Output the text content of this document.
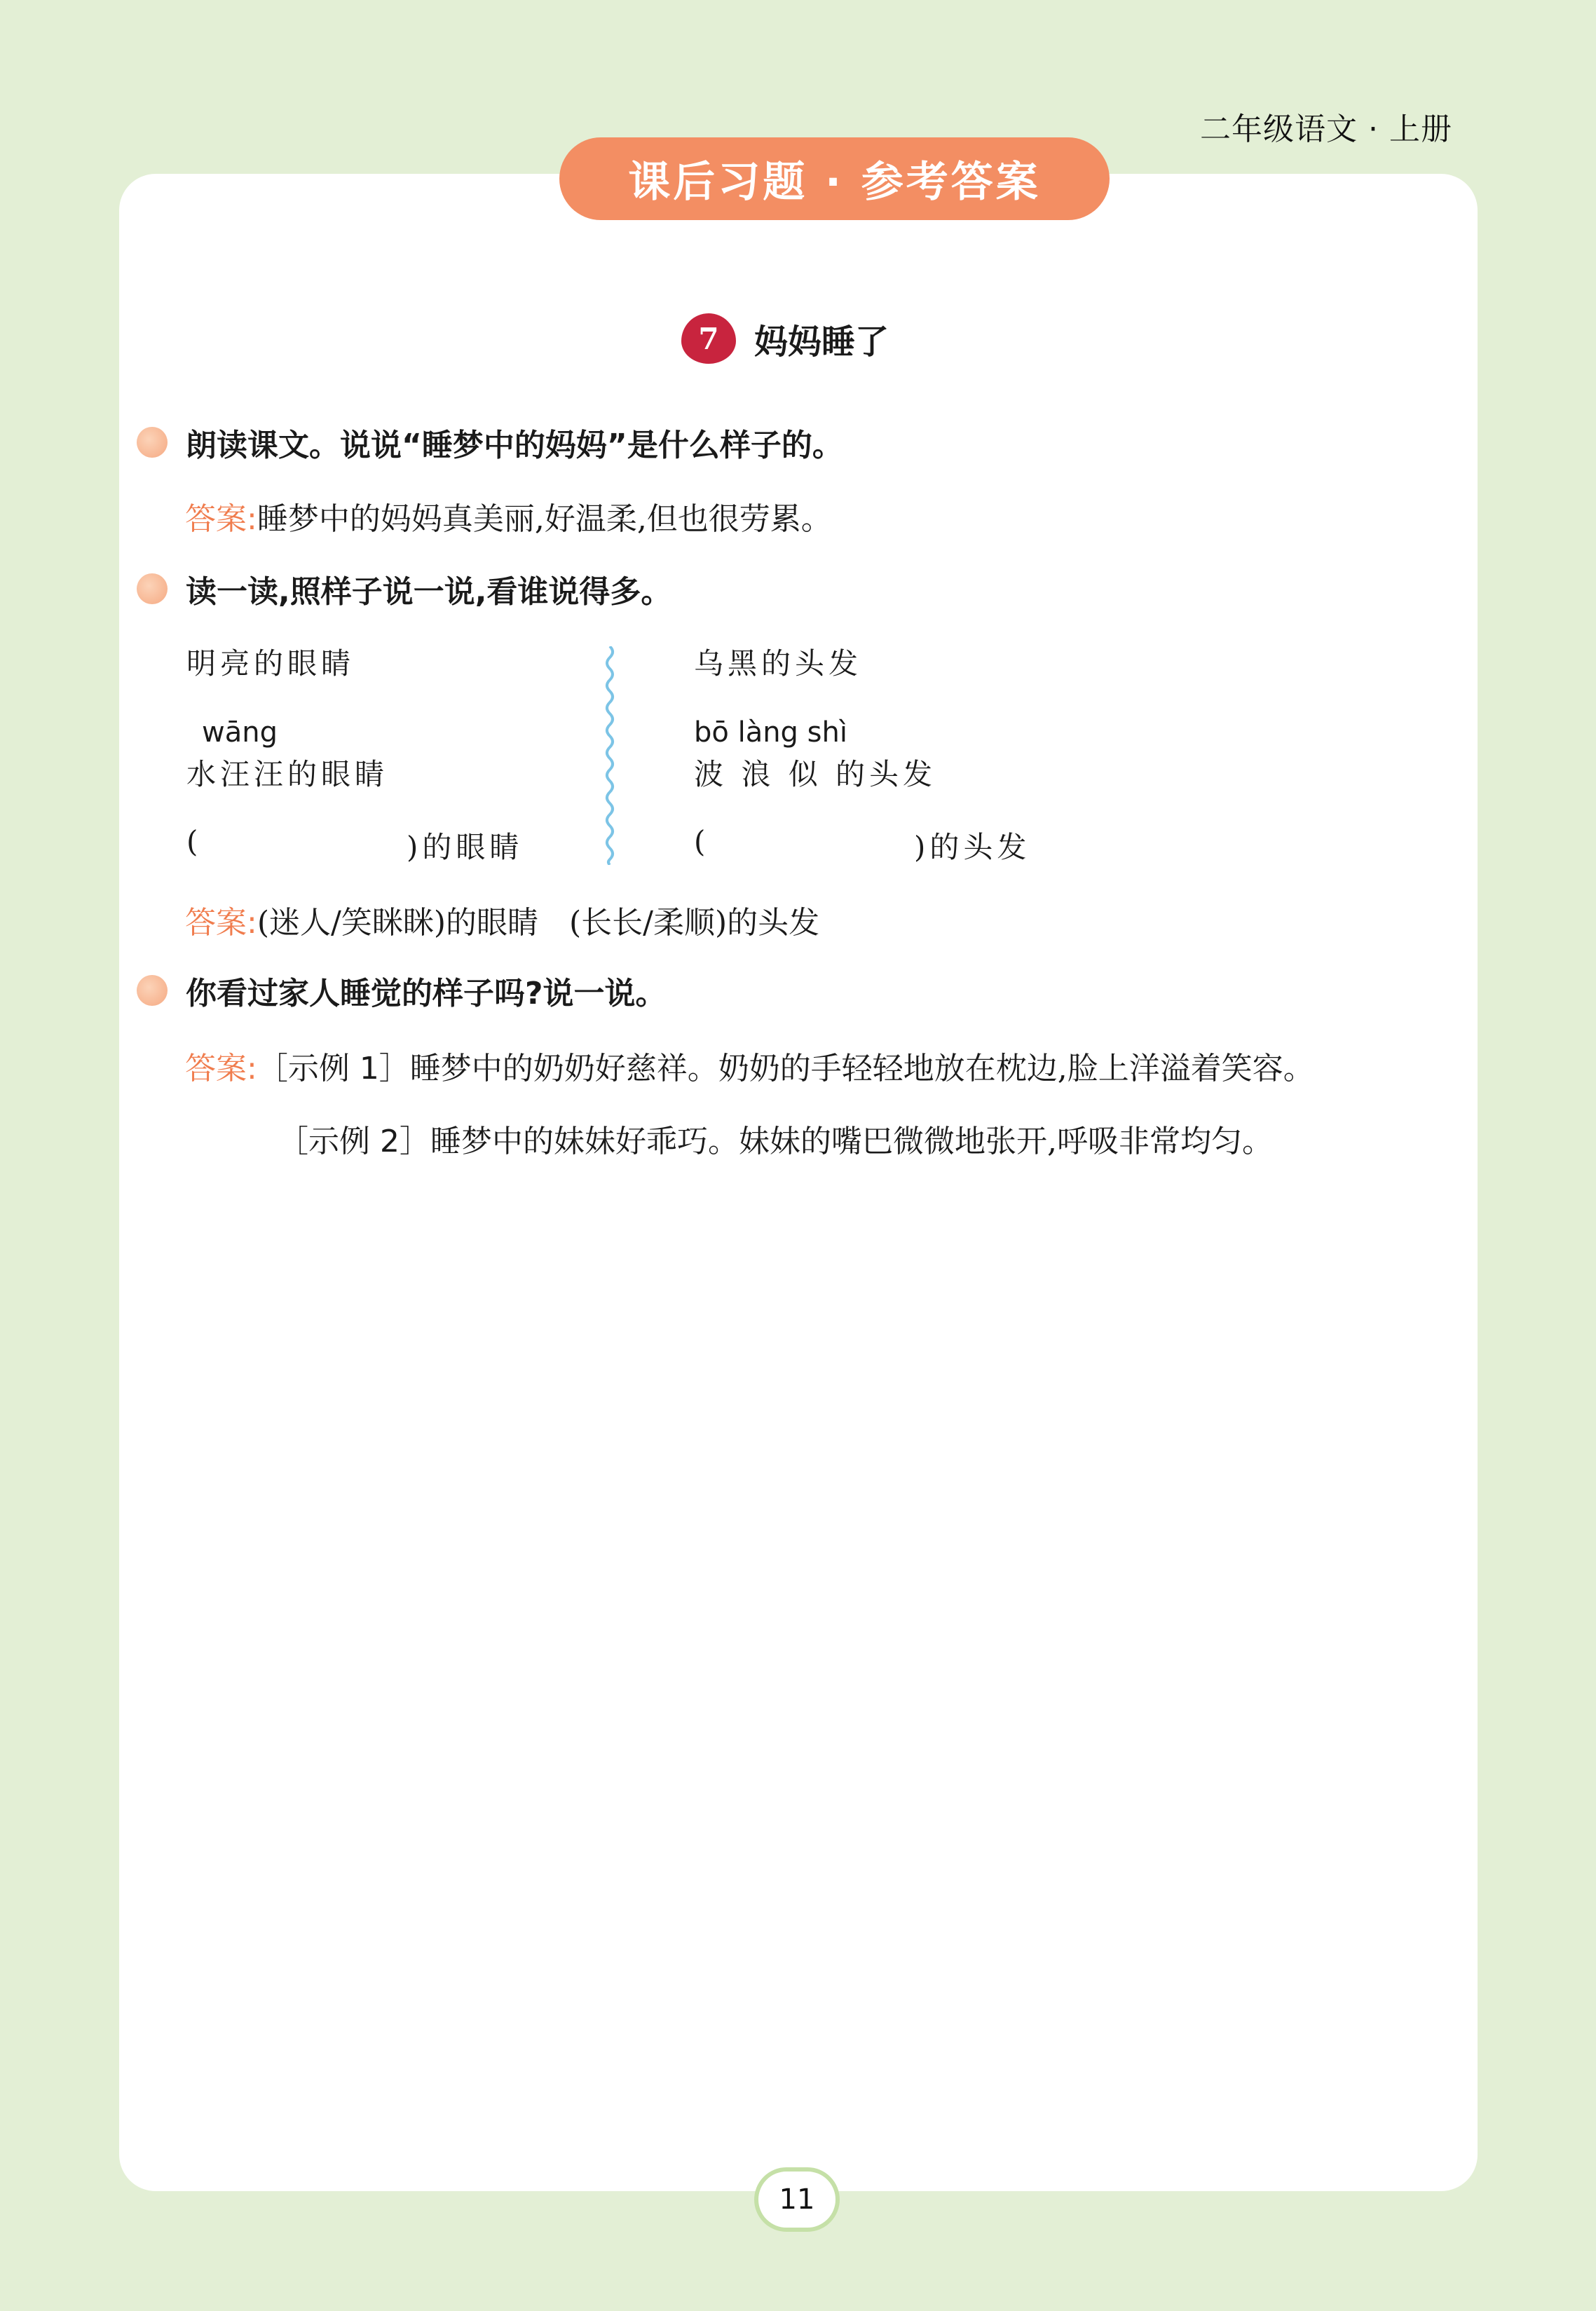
二年级语文 · 上册
课后习题 · 参考答案
7	妈妈睡了
朗读课文。说说“睡梦中的妈妈”是什么样子的。
答案:睡梦中的妈妈真美丽,好温柔,但也很劳累。
读一读,照样子说一说,看谁说得多。
明亮的眼睛
wāng
水汪汪的眼睛
(	)的眼睛
乌黑的头发
bō làng shì
波 浪 似 的头发
(	)的头发
答案:(迷人/笑眯眯)的眼睛　(长长/柔顺)的头发
你看过家人睡觉的样子吗?说一说。
答案:［示例 1］睡梦中的奶奶好慈祥。奶奶的手轻轻地放在枕边,脸上洋溢着笑容。
［示例 2］睡梦中的妹妹好乖巧。妹妹的嘴巴微微地张开,呼吸非常均匀。
11
